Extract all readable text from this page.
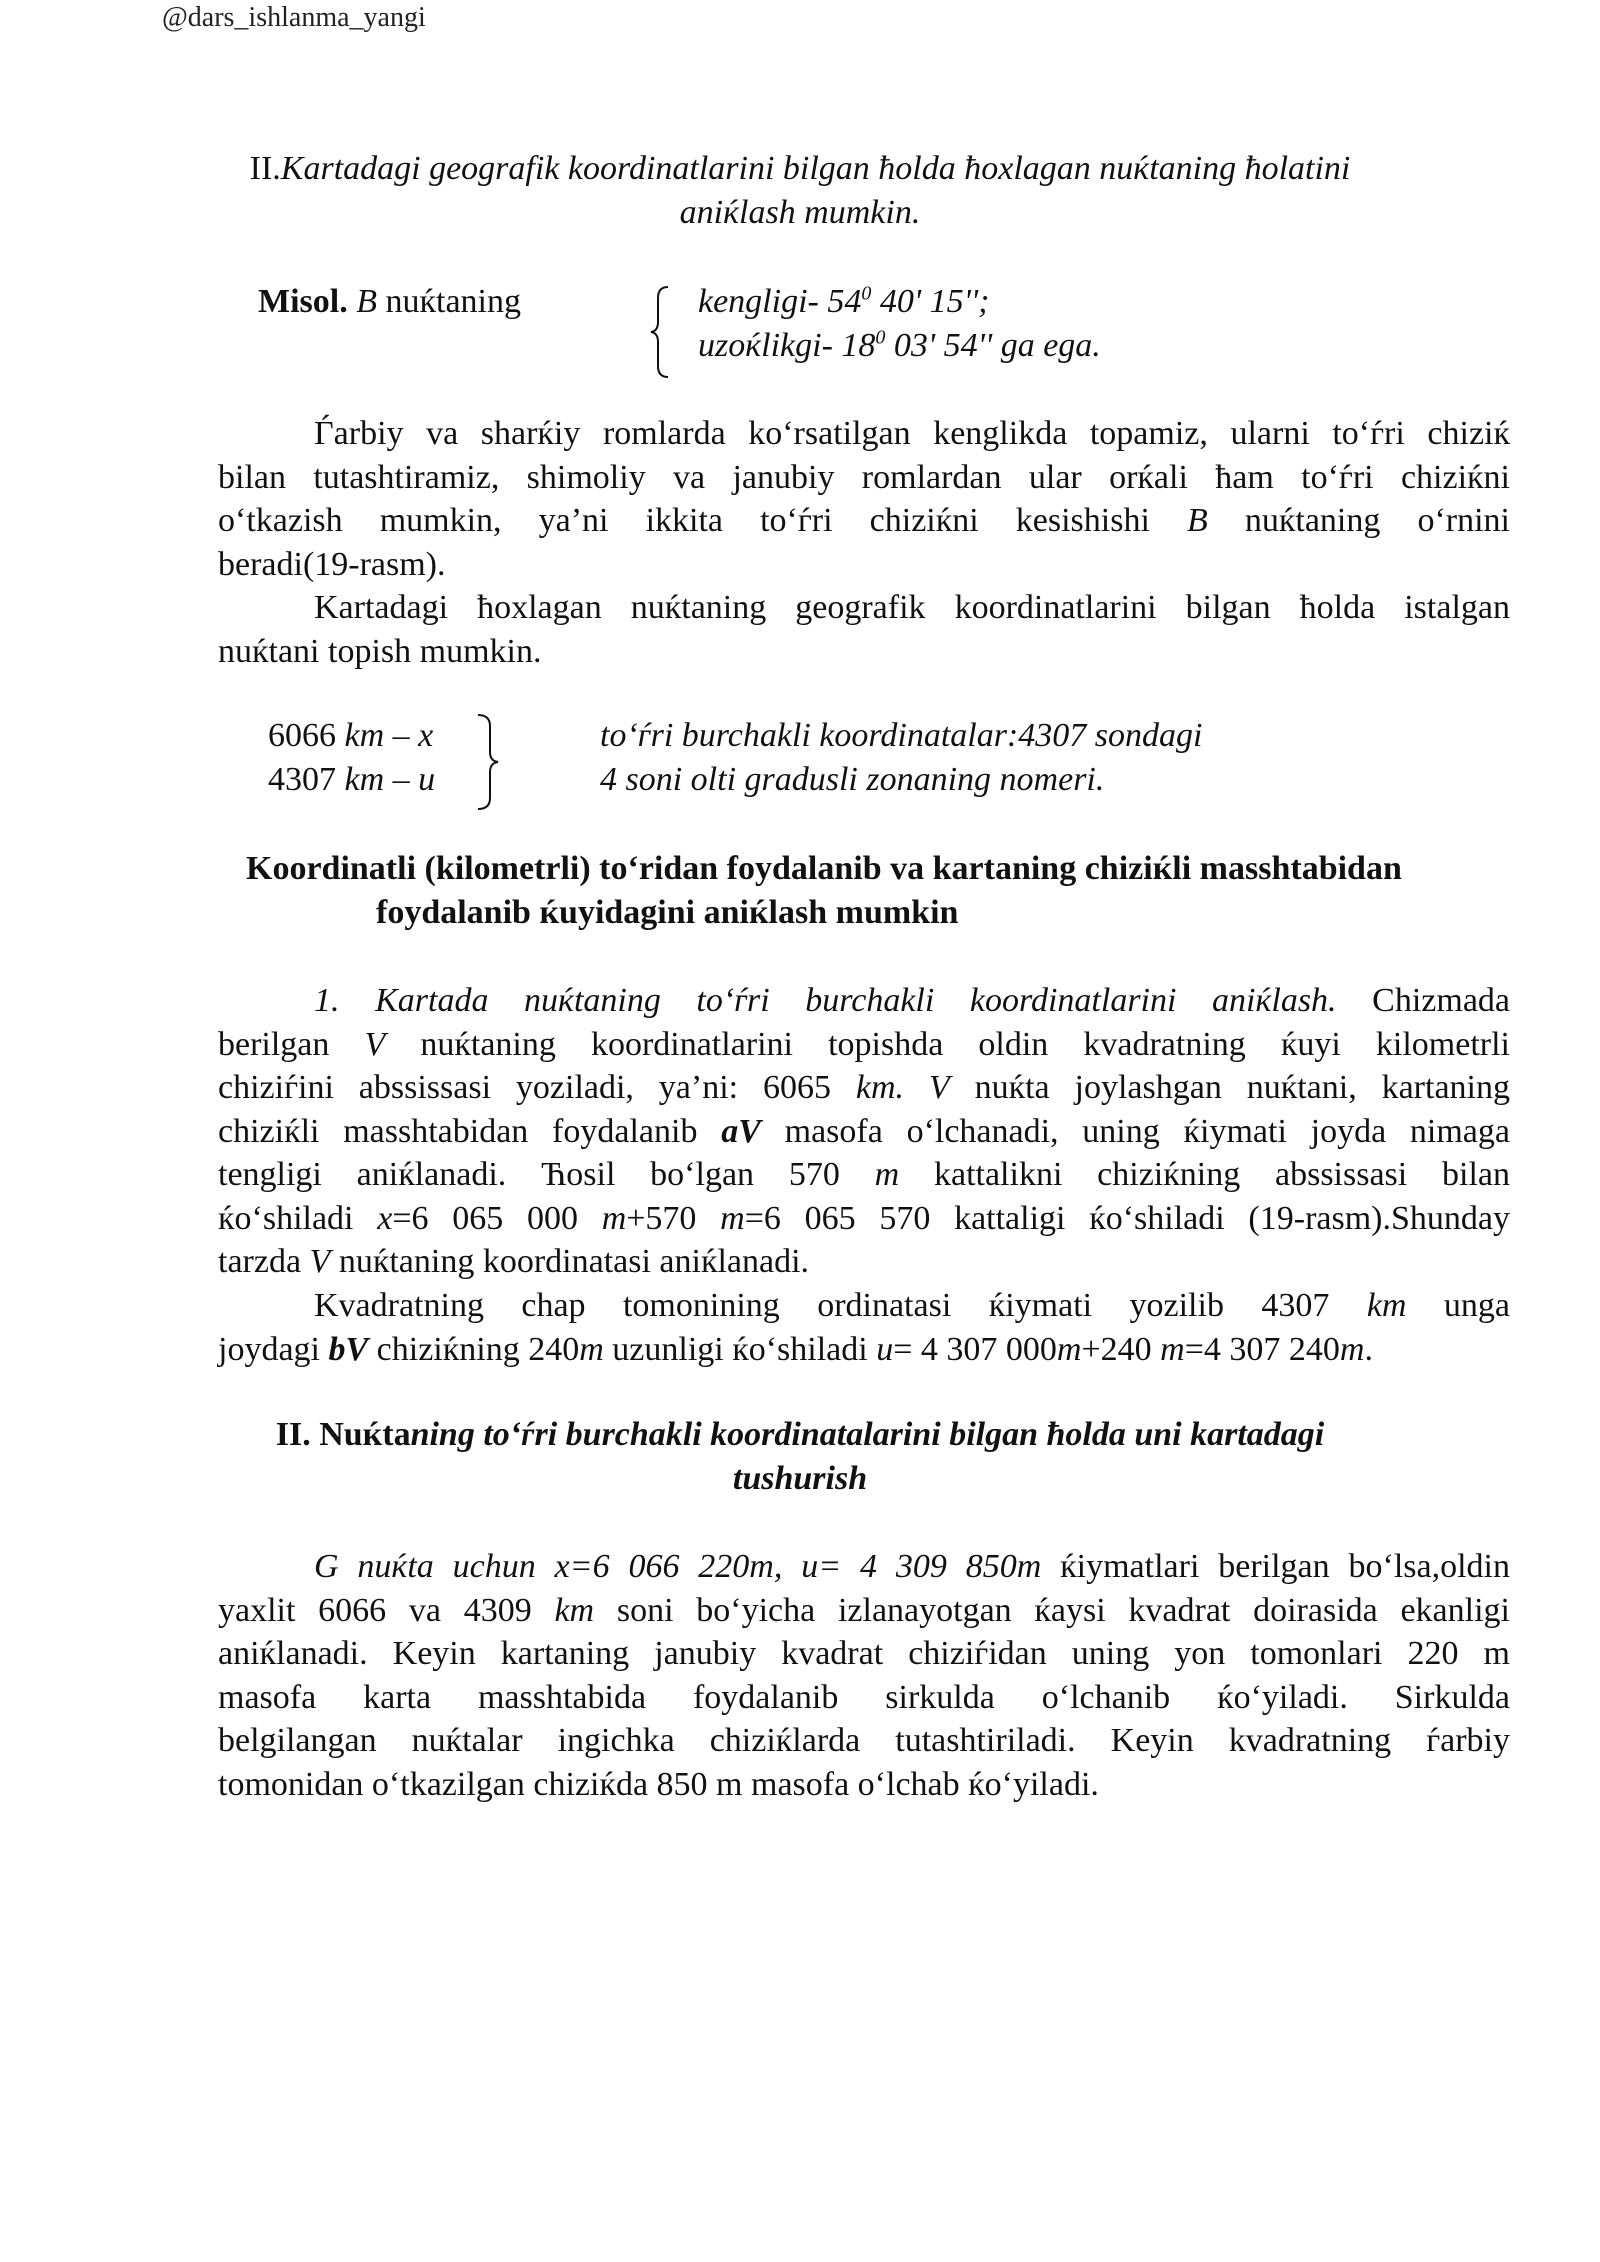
@dars_ishlanma_yangi
II.Kartadagi geografik koordinatlarini bilgan ћolda ћoxlagan nuќtaning ћolatini
aniќlash mumkin.
Misol. B nuќtaning	kengligi- $54^0$ 40' 15'';
uzoќlikgi- $18^0$ 03' 54'' ga ega.
Ѓarbiy va sharќiy romlarda ko‘rsatilgan kenglikda topamiz, ularni to‘ѓri chiziќ
bilan tutashtiramiz, shimoliy va janubiy romlardan ular orќali ћam to‘ѓri chiziќni
o‘tkazish mumkin, ya’ni ikkita to‘ѓri chiziќni kesishishi B nuќtaning o‘rnini
beradi(19-rasm).
Kartadagi ћoxlagan nuќtaning geografik koordinatlarini bilgan ћolda istalgan
nuќtani topish mumkin.
6066 km – x
4307 km – u
to‘ѓri burchakli koordinatalar:4307 sondagi
4 soni olti gradusli zonaning nomeri.
Koordinatli (kilometrli) to‘ridan foydalanib va kartaning chiziќli masshtabidan
foydalanib ќuyidagini aniќlash mumkin
1. Kartada nuќtaning to‘ѓri burchakli koordinatlarini aniќlash. Chizmada
berilgan V nuќtaning koordinatlarini topishda oldin kvadratning ќuyi kilometrli
chiziѓini abssissasi yoziladi, ya’ni: 6065 km. V nuќta joylashgan nuќtani, kartaning
chiziќli masshtabidan foydalanib aV masofa o‘lchanadi, uning ќiymati joyda nimaga
tengligi aniќlanadi. Ћosil bo‘lgan 570 m kattalikni chiziќning abssissasi bilan
ќo‘shiladi x=6 065 000 m+570 m=6 065 570 kattaligi ќo‘shiladi (19-rasm).Shunday
tarzda V nuќtaning koordinatasi aniќlanadi.
Kvadratning chap tomonining ordinatasi ќiymati yozilib 4307 km unga
joydagi bV chiziќning 240m uzunligi ќo‘shiladi u= 4 307 000m+240 m=4 307 240m.
II. Nuќtaning to‘ѓri burchakli koordinatalarini bilgan ћolda uni kartadagi
tushurish
G nuќta uchun x=6 066 220m, u= 4 309 850m ќiymatlari berilgan bo‘lsa,oldin
yaxlit 6066 va 4309 km soni bo‘yicha izlanayotgan ќaysi kvadrat doirasida ekanligi
aniќlanadi. Keyin kartaning janubiy kvadrat chiziѓidan uning yon tomonlari 220 m
masofa karta masshtabida foydalanib sirkulda o‘lchanib ќo‘yiladi. Sirkulda
belgilangan nuќtalar ingichka chiziќlarda tutashtiriladi. Keyin kvadratning ѓarbiy
tomonidan o‘tkazilgan chiziќda 850 m masofa o‘lchab ќo‘yiladi.
